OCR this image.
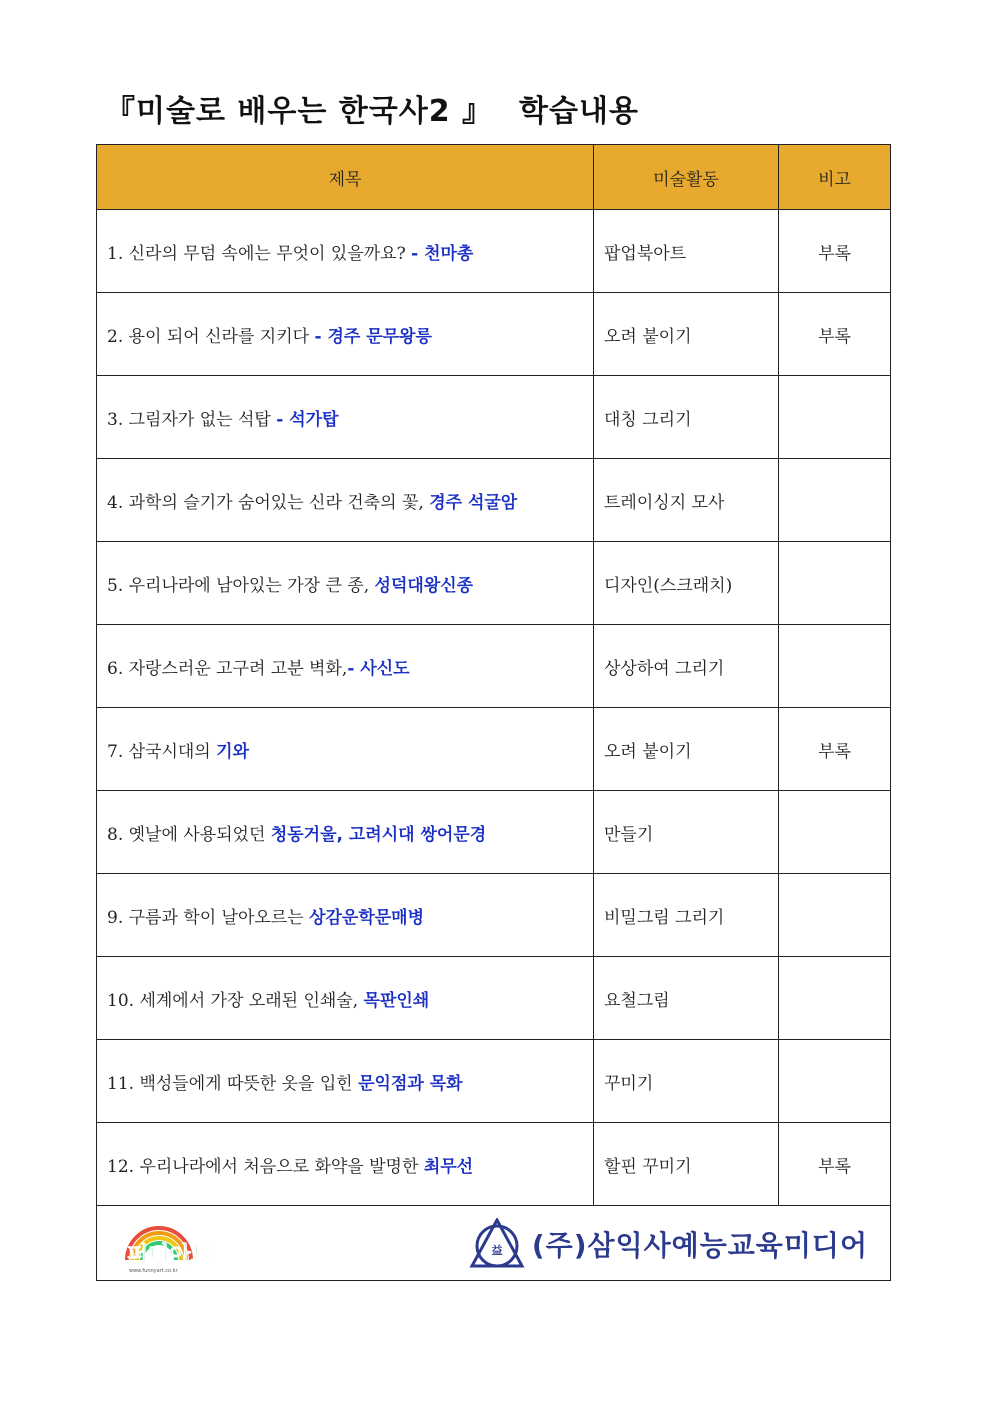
『미술로 배우는 한국사2 』 학습내용
제목	미술활동	비고
1. 신라의 무덤 속에는 무엇이 있을까요? - 천마총	팝업북아트	부록
2. 용이 되어 신라를 지키다 - 경주 문무왕릉	오려 붙이기	부록
3. 그림자가 없는 석탑 - 석가탑	대칭 그리기	
4. 과학의 슬기가 숨어있는 신라 건축의 꽃, 경주 석굴암	트레이싱지 모사	
5. 우리나라에 남아있는 가장 큰 종, 성덕대왕신종	디자인(스크래치)	
6. 자랑스러운 고구려 고분 벽화,- 사신도	상상하여 그리기	
7. 삼국시대의 기와	오려 붙이기	부록
8. 옛날에 사용되었던 청동거울, 고려시대 쌍어문경	만들기	
9. 구름과 학이 날아오르는 상감운학문매병	비밀그림 그리기	
10. 세계에서 가장 오래된 인쇄술, 목판인쇄	요철그림	
11. 백성들에게 따뜻한 옷을 입힌 문익점과 목화	꾸미기	
12. 우리나라에서 처음으로 화약을 발명한 최무선	할핀 꾸미기	부록

퍼니아트
www.funnyart.co.kr
益 (주)삼익사예능교육미디어		
